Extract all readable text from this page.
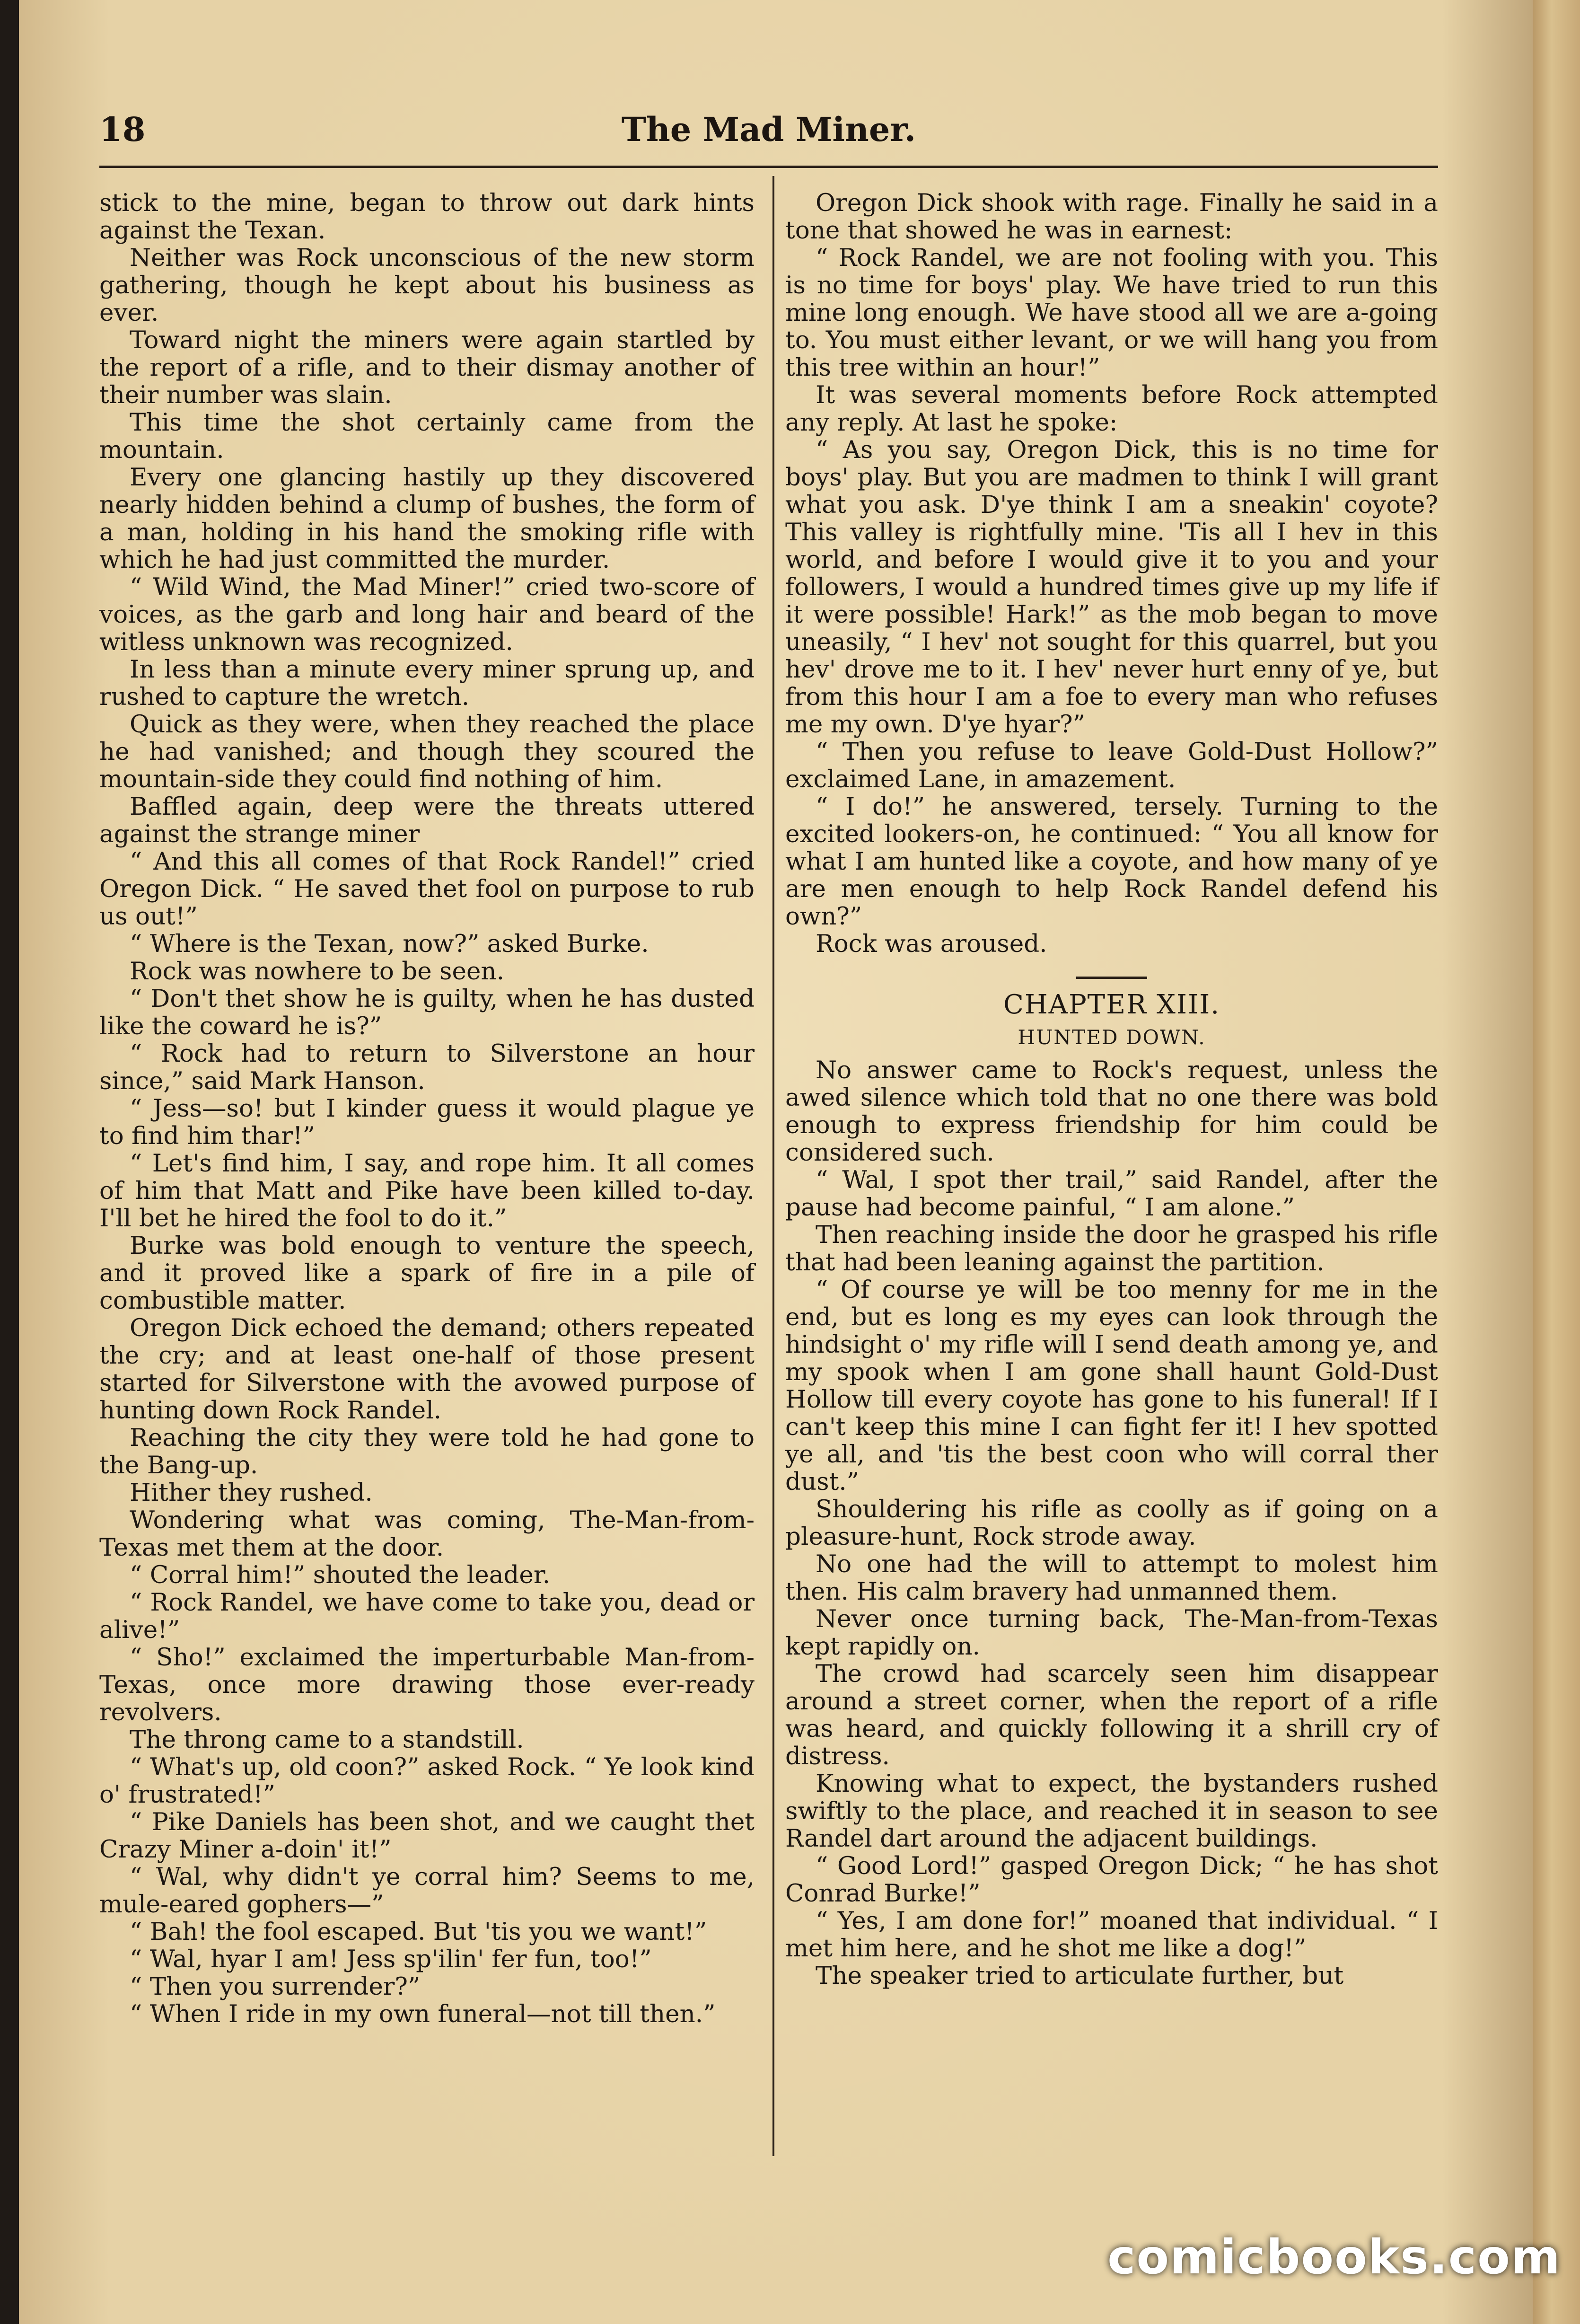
18	The Mad Miner.

stick to the mine, began to throw out dark hints against the Texan.

Neither was Rock unconscious of the new storm gathering, though he kept about his business as ever.

Toward night the miners were again startled by the report of a rifle, and to their dismay another of their number was slain.

This time the shot certainly came from the mountain.

Every one glancing hastily up they discovered nearly hidden behind a clump of bushes, the form of a man, holding in his hand the smoking rifle with which he had just committed the murder.

“ Wild Wind, the Mad Miner!” cried two-score of voices, as the garb and long hair and beard of the witless unknown was recognized.

In less than a minute every miner sprung up, and rushed to capture the wretch.

Quick as they were, when they reached the place he had vanished; and though they scoured the mountain-side they could find nothing of him.

Baffled again, deep were the threats uttered against the strange miner

“ And this all comes of that Rock Randel!” cried Oregon Dick. “ He saved thet fool on purpose to rub us out!”

“ Where is the Texan, now?” asked Burke.

Rock was nowhere to be seen.

“ Don't thet show he is guilty, when he has dusted like the coward he is?”

“ Rock had to return to Silverstone an hour since,” said Mark Hanson.

“ Jess—so! but I kinder guess it would plague ye to find him thar!”

“ Let's find him, I say, and rope him. It all comes of him that Matt and Pike have been killed to-day. I'll bet he hired the fool to do it.”

Burke was bold enough to venture the speech, and it proved like a spark of fire in a pile of combustible matter.

Oregon Dick echoed the demand; others repeated the cry; and at least one-half of those present started for Silverstone with the avowed purpose of hunting down Rock Randel.

Reaching the city they were told he had gone to the Bang-up.

Hither they rushed.

Wondering what was coming, The-Man-from-Texas met them at the door.

“ Corral him!” shouted the leader.

“ Rock Randel, we have come to take you, dead or alive!”

“ Sho!” exclaimed the imperturbable Man-from-Texas, once more drawing those ever-ready revolvers.

The throng came to a standstill.

“ What's up, old coon?” asked Rock. “ Ye look kind o' frustrated!”

“ Pike Daniels has been shot, and we caught thet Crazy Miner a-doin' it!”

“ Wal, why didn't ye corral him? Seems to me, mule-eared gophers—”

“ Bah! the fool escaped. But 'tis you we want!”

“ Wal, hyar I am! Jess sp'ilin' fer fun, too!”

“ Then you surrender?”

“ When I ride in my own funeral—not till then.”

Oregon Dick shook with rage. Finally he said in a tone that showed he was in earnest:

“ Rock Randel, we are not fooling with you. This is no time for boys' play. We have tried to run this mine long enough. We have stood all we are a-going to. You must either levant, or we will hang you from this tree within an hour!”

It was several moments before Rock attempted any reply. At last he spoke:

“ As you say, Oregon Dick, this is no time for boys' play. But you are madmen to think I will grant what you ask. D'ye think I am a sneakin' coyote? This valley is rightfully mine. 'Tis all I hev in this world, and before I would give it to you and your followers, I would a hundred times give up my life if it were possible! Hark!” as the mob began to move uneasily, “ I hev' not sought for this quarrel, but you hev' drove me to it. I hev' never hurt enny of ye, but from this hour I am a foe to every man who refuses me my own. D'ye hyar?”

“ Then you refuse to leave Gold-Dust Hollow?” exclaimed Lane, in amazement.

“ I do!” he answered, tersely. Turning to the excited lookers-on, he continued: “ You all know for what I am hunted like a coyote, and how many of ye are men enough to help Rock Randel defend his own?”

Rock was aroused.

CHAPTER XIII.
HUNTED DOWN.

No answer came to Rock's request, unless the awed silence which told that no one there was bold enough to express friendship for him could be considered such.

“ Wal, I spot ther trail,” said Randel, after the pause had become painful, “ I am alone.”

Then reaching inside the door he grasped his rifle that had been leaning against the partition.

“ Of course ye will be too menny for me in the end, but es long es my eyes can look through the hindsight o' my rifle will I send death among ye, and my spook when I am gone shall haunt Gold-Dust Hollow till every coyote has gone to his funeral! If I can't keep this mine I can fight fer it! I hev spotted ye all, and 'tis the best coon who will corral ther dust.”

Shouldering his rifle as coolly as if going on a pleasure-hunt, Rock strode away.

No one had the will to attempt to molest him then. His calm bravery had unmanned them.

Never once turning back, The-Man-from-Texas kept rapidly on.

The crowd had scarcely seen him disappear around a street corner, when the report of a rifle was heard, and quickly following it a shrill cry of distress.

Knowing what to expect, the bystanders rushed swiftly to the place, and reached it in season to see Randel dart around the adjacent buildings.

“ Good Lord!” gasped Oregon Dick; “ he has shot Conrad Burke!”

“ Yes, I am done for!” moaned that individual. “ I met him here, and he shot me like a dog!”

The speaker tried to articulate further, but

comicbooks.com
